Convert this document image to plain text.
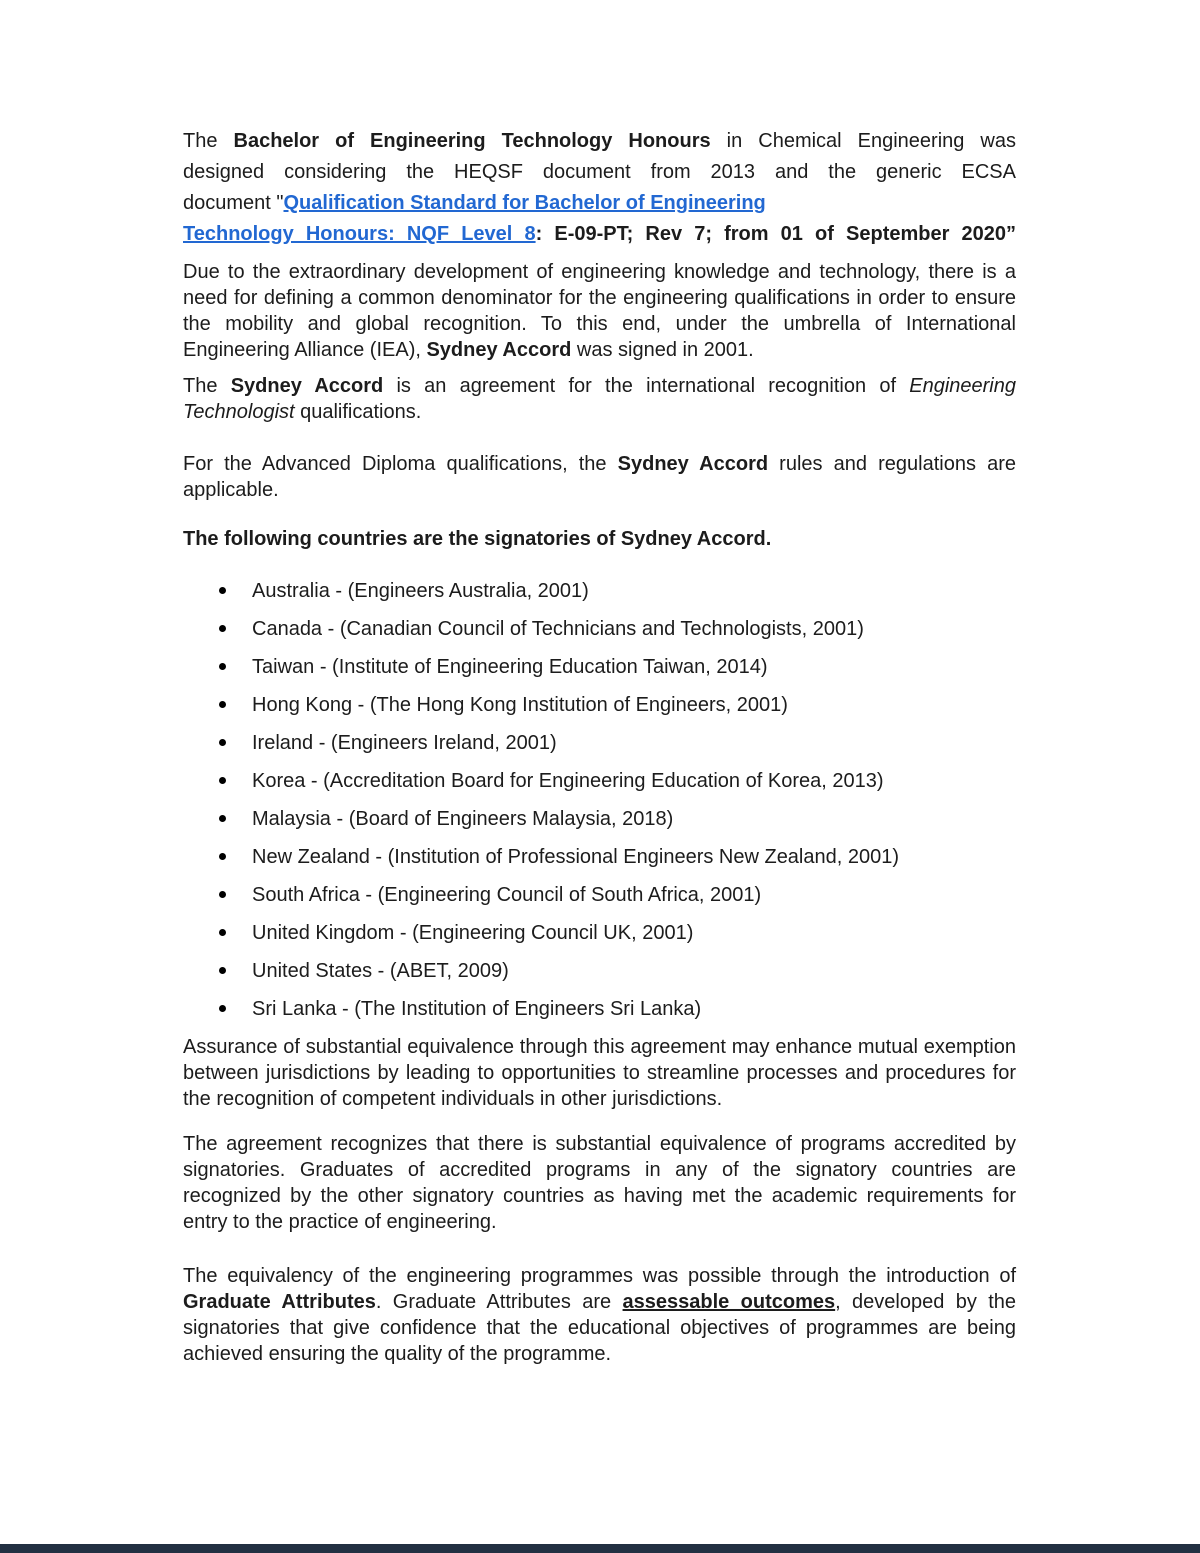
The Bachelor of Engineering Technology Honours in Chemical Engineering was
designed considering the HEQSF document from 2013 and the generic ECSA
document "Qualification Standard for Bachelor of Engineering
Technology Honours: NQF Level 8: E-09-PT; Rev 7; from 01 of September 2020”

Due to the extraordinary development of engineering knowledge and technology, there is a need for defining a common denominator for the engineering qualifications in order to ensure the mobility and global recognition. To this end, under the umbrella of International Engineering Alliance (IEA), Sydney Accord was signed in 2001.

The Sydney Accord is an agreement for the international recognition of Engineering Technologist qualifications.

For the Advanced Diploma qualifications, the Sydney Accord rules and regulations are applicable.

The following countries are the signatories of Sydney Accord.

Australia - (Engineers Australia, 2001)
Canada - (Canadian Council of Technicians and Technologists, 2001)
Taiwan - (Institute of Engineering Education Taiwan, 2014)
Hong Kong - (The Hong Kong Institution of Engineers, 2001)
Ireland - (Engineers Ireland, 2001)
Korea - (Accreditation Board for Engineering Education of Korea, 2013)
Malaysia - (Board of Engineers Malaysia, 2018)
New Zealand - (Institution of Professional Engineers New Zealand, 2001)
South Africa - (Engineering Council of South Africa, 2001)
United Kingdom - (Engineering Council UK, 2001)
United States - (ABET, 2009)
Sri Lanka - (The Institution of Engineers Sri Lanka)

Assurance of substantial equivalence through this agreement may enhance mutual exemption between jurisdictions by leading to opportunities to streamline processes and procedures for the recognition of competent individuals in other jurisdictions.

The agreement recognizes that there is substantial equivalence of programs accredited by signatories. Graduates of accredited programs in any of the signatory countries are recognized by the other signatory countries as having met the academic requirements for entry to the practice of engineering.

The equivalency of the engineering programmes was possible through the introduction of Graduate Attributes. Graduate Attributes are assessable outcomes, developed by the signatories that give confidence that the educational objectives of programmes are being achieved ensuring the quality of the programme.
